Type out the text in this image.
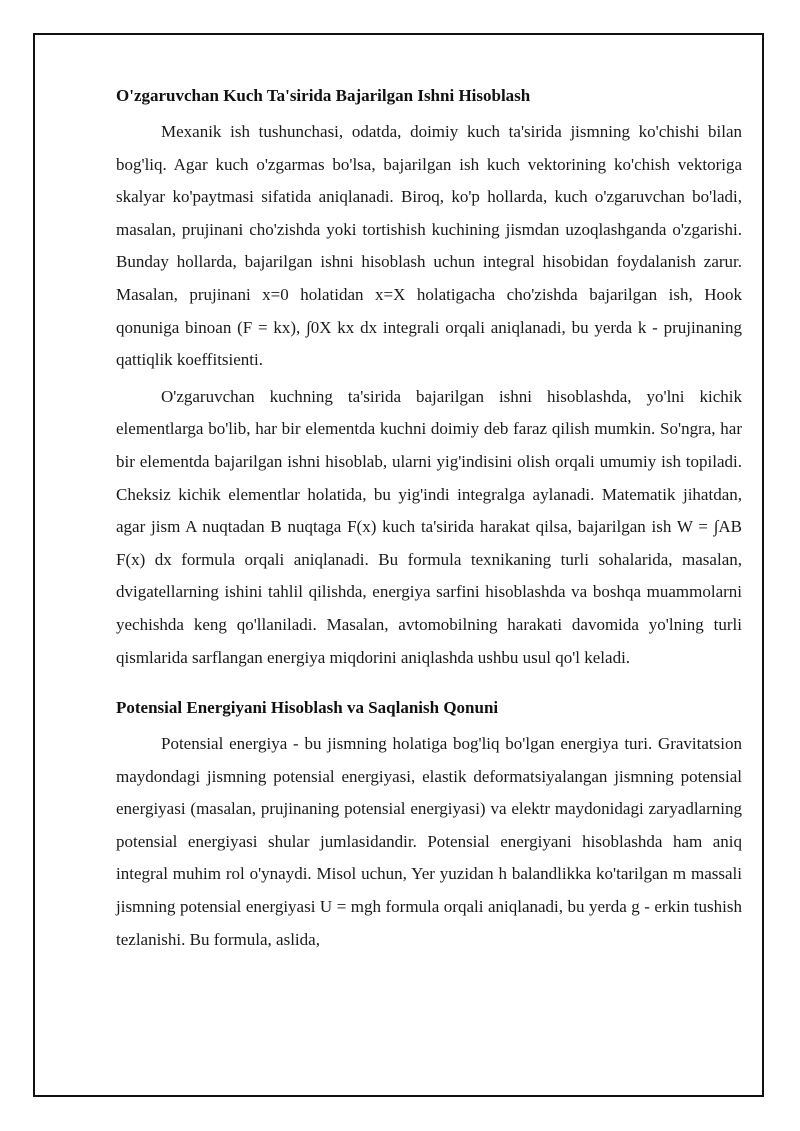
O'zgaruvchan Kuch Ta'sirida Bajarilgan Ishni Hisoblash

Mexanik ish tushunchasi, odatda, doimiy kuch ta'sirida jismning ko'chishi bilan bog'liq. Agar kuch o'zgarmas bo'lsa, bajarilgan ish kuch vektorining ko'chish vektoriga skalyar ko'paytmasi sifatida aniqlanadi. Biroq, ko'p hollarda, kuch o'zgaruvchan bo'ladi, masalan, prujinani cho'zishda yoki tortishish kuchining jismdan uzoqlashganda o'zgarishi. Bunday hollarda, bajarilgan ishni hisoblash uchun integral hisobidan foydalanish zarur. Masalan, prujinani x=0 holatidan x=X holatigacha cho'zishda bajarilgan ish, Hook qonuniga binoan (F = kx), ∫0X kx dx integrali orqali aniqlanadi, bu yerda k - prujinaning qattiqlik koeffitsienti.

O'zgaruvchan kuchning ta'sirida bajarilgan ishni hisoblashda, yo'lni kichik elementlarga bo'lib, har bir elementda kuchni doimiy deb faraz qilish mumkin. So'ngra, har bir elementda bajarilgan ishni hisoblab, ularni yig'indisini olish orqali umumiy ish topiladi. Cheksiz kichik elementlar holatida, bu yig'indi integralga aylanadi. Matematik jihatdan, agar jism A nuqtadan B nuqtaga F(x) kuch ta'sirida harakat qilsa, bajarilgan ish W = ∫AB F(x) dx formula orqali aniqlanadi. Bu formula texnikaning turli sohalarida, masalan, dvigatellarning ishini tahlil qilishda, energiya sarfini hisoblashda va boshqa muammolarni yechishda keng qo'llaniladi. Masalan, avtomobilning harakati davomida yo'lning turli qismlarida sarflangan energiya miqdorini aniqlashda ushbu usul qo'l keladi.

Potensial Energiyani Hisoblash va Saqlanish Qonuni

Potensial energiya - bu jismning holatiga bog'liq bo'lgan energiya turi. Gravitatsion maydondagi jismning potensial energiyasi, elastik deformatsiyalangan jismning potensial energiyasi (masalan, prujinaning potensial energiyasi) va elektr maydonidagi zaryadlarning potensial energiyasi shular jumlasidandir. Potensial energiyani hisoblashda ham aniq integral muhim rol o'ynaydi. Misol uchun, Yer yuzidan h balandlikka ko'tarilgan m massali jismning potensial energiyasi U = mgh formula orqali aniqlanadi, bu yerda g - erkin tushish tezlanishi. Bu formula, aslida,
